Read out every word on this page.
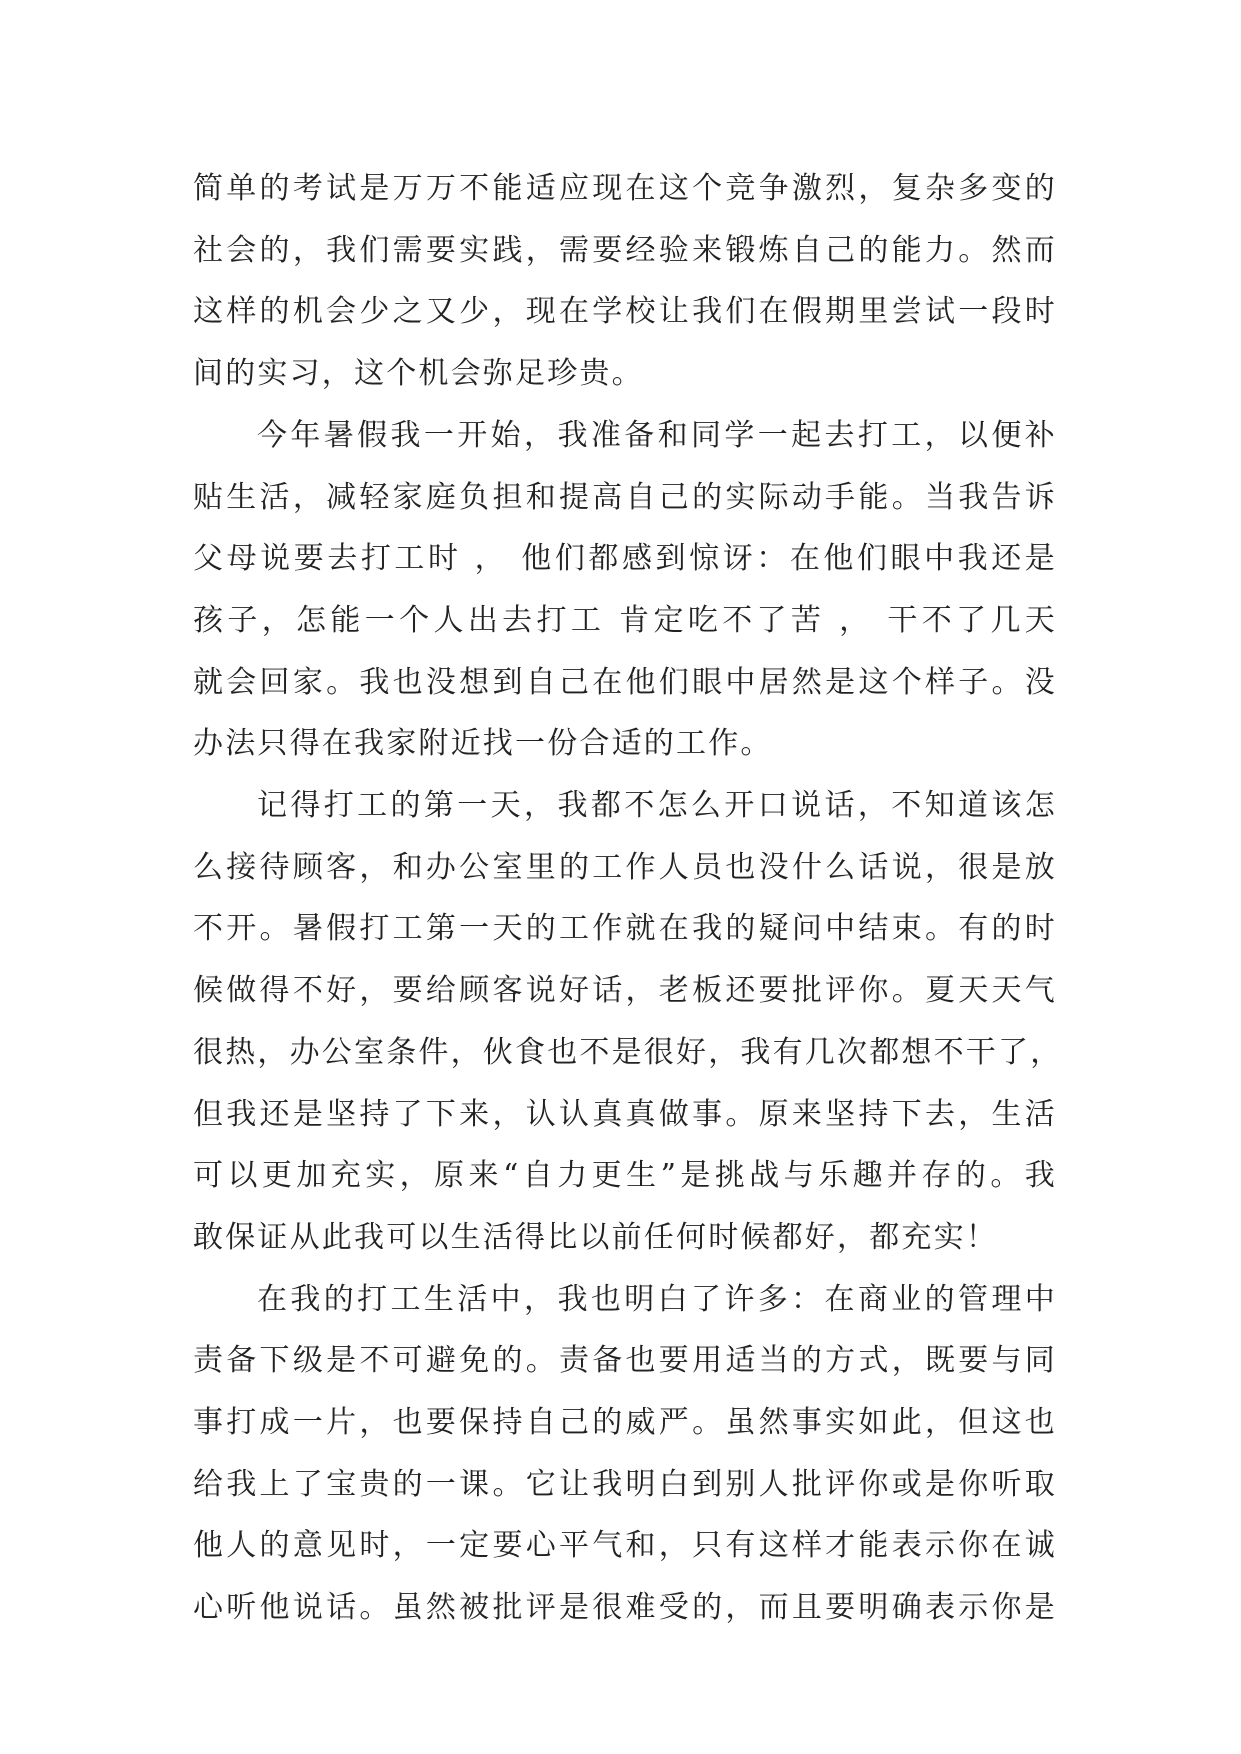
简单的考试是万万不能适应现在这个竞争激烈，复杂多变的
社会的，我们需要实践，需要经验来锻炼自己的能力。然而
这样的机会少之又少，现在学校让我们在假期里尝试一段时
间的实习，这个机会弥足珍贵。

今年暑假我一开始，我准备和同学一起去打工，以便补
贴生活，减轻家庭负担和提高自己的实际动手能。当我告诉
父母说要去打工时 ， 他们都感到惊讶：在他们眼中我还是
孩子，怎能一个人出去打工 肯定吃不了苦 ， 干不了几天
就会回家。我也没想到自己在他们眼中居然是这个样子。没
办法只得在我家附近找一份合适的工作。

记得打工的第一天，我都不怎么开口说话，不知道该怎
么接待顾客，和办公室里的工作人员也没什么话说，很是放
不开。暑假打工第一天的工作就在我的疑问中结束。有的时
候做得不好，要给顾客说好话，老板还要批评你。夏天天气
很热，办公室条件，伙食也不是很好，我有几次都想不干了，
但我还是坚持了下来，认认真真做事。原来坚持下去，生活
可以更加充实，原来“自力更生”是挑战与乐趣并存的。我
敢保证从此我可以生活得比以前任何时候都好，都充实！

在我的打工生活中，我也明白了许多：在商业的管理中
责备下级是不可避免的。责备也要用适当的方式，既要与同
事打成一片，也要保持自己的威严。虽然事实如此，但这也
给我上了宝贵的一课。它让我明白到别人批评你或是你听取
他人的意见时，一定要心平气和，只有这样才能表示你在诚
心听他说话。虽然被批评是很难受的，而且要明确表示你是
